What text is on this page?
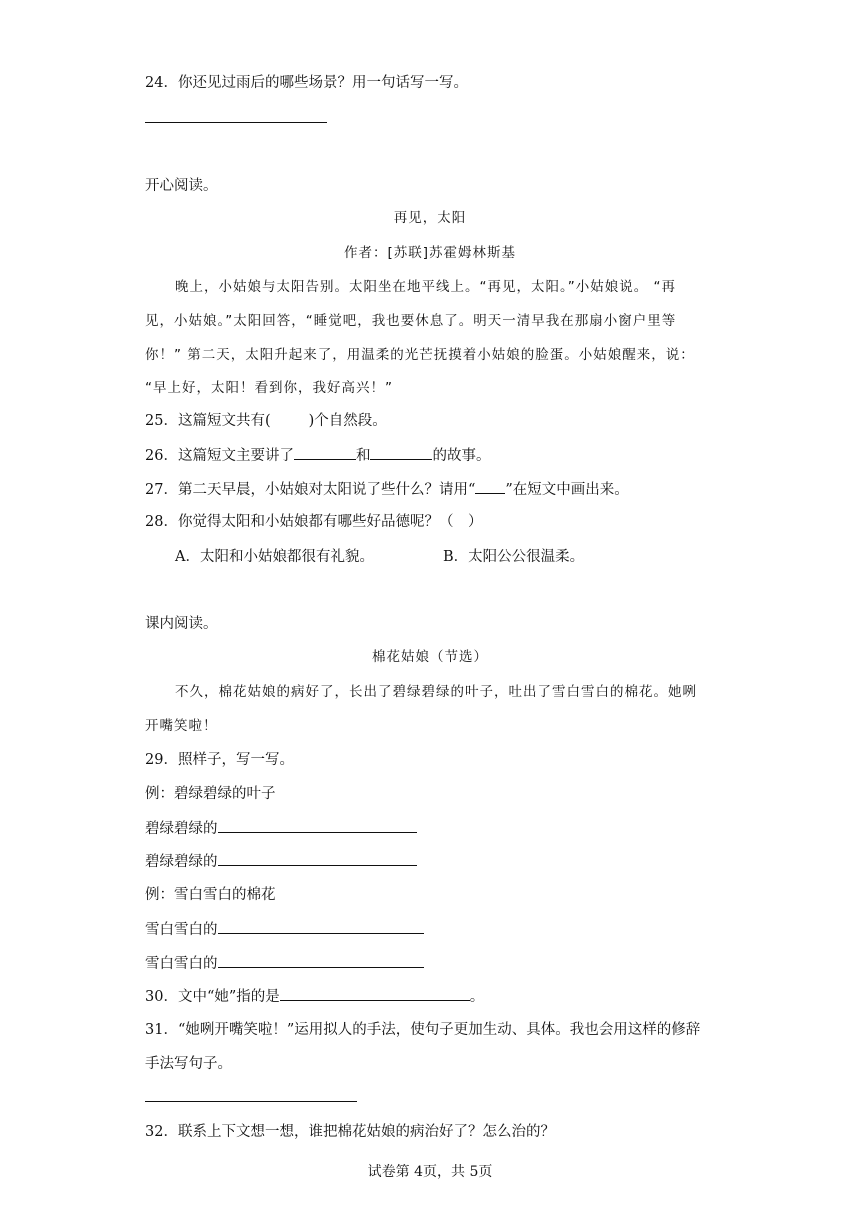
24．你还见过雨后的哪些场景？用一句话写一写。
开心阅读。
再见，太阳
作者：[苏联]苏霍姆林斯基
晚上，小姑娘与太阳告别。太阳坐在地平线上。“再见，太阳。”小姑娘说。 “再
见，小姑娘。”太阳回答，“睡觉吧，我也要休息了。明天一清早我在那扇小窗户里等
你！” 第二天，太阳升起来了，用温柔的光芒抚摸着小姑娘的脸蛋。小姑娘醒来，说：
“早上好，太阳！看到你，我好高兴！”
25．这篇短文共有(	)个自然段。
26．这篇短文主要讲了	和	的故事。
27．第二天早晨，小姑娘对太阳说了些什么？请用“ ”在短文中画出来。
28．你觉得太阳和小姑娘都有哪些好品德呢？（　）
A．太阳和小姑娘都很有礼貌。	B．太阳公公很温柔。
课内阅读。
棉花姑娘（节选）
不久，棉花姑娘的病好了，长出了碧绿碧绿的叶子，吐出了雪白雪白的棉花。她咧
开嘴笑啦！
29．照样子，写一写。
例：碧绿碧绿的叶子
碧绿碧绿的
碧绿碧绿的
例：雪白雪白的棉花
雪白雪白的
雪白雪白的
30．文中“她”指的是	。
31．“她咧开嘴笑啦！”运用拟人的手法，使句子更加生动、具体。我也会用这样的修辞
手法写句子。
32．联系上下文想一想，谁把棉花姑娘的病治好了？怎么治的？
试卷第 4页，共 5页
